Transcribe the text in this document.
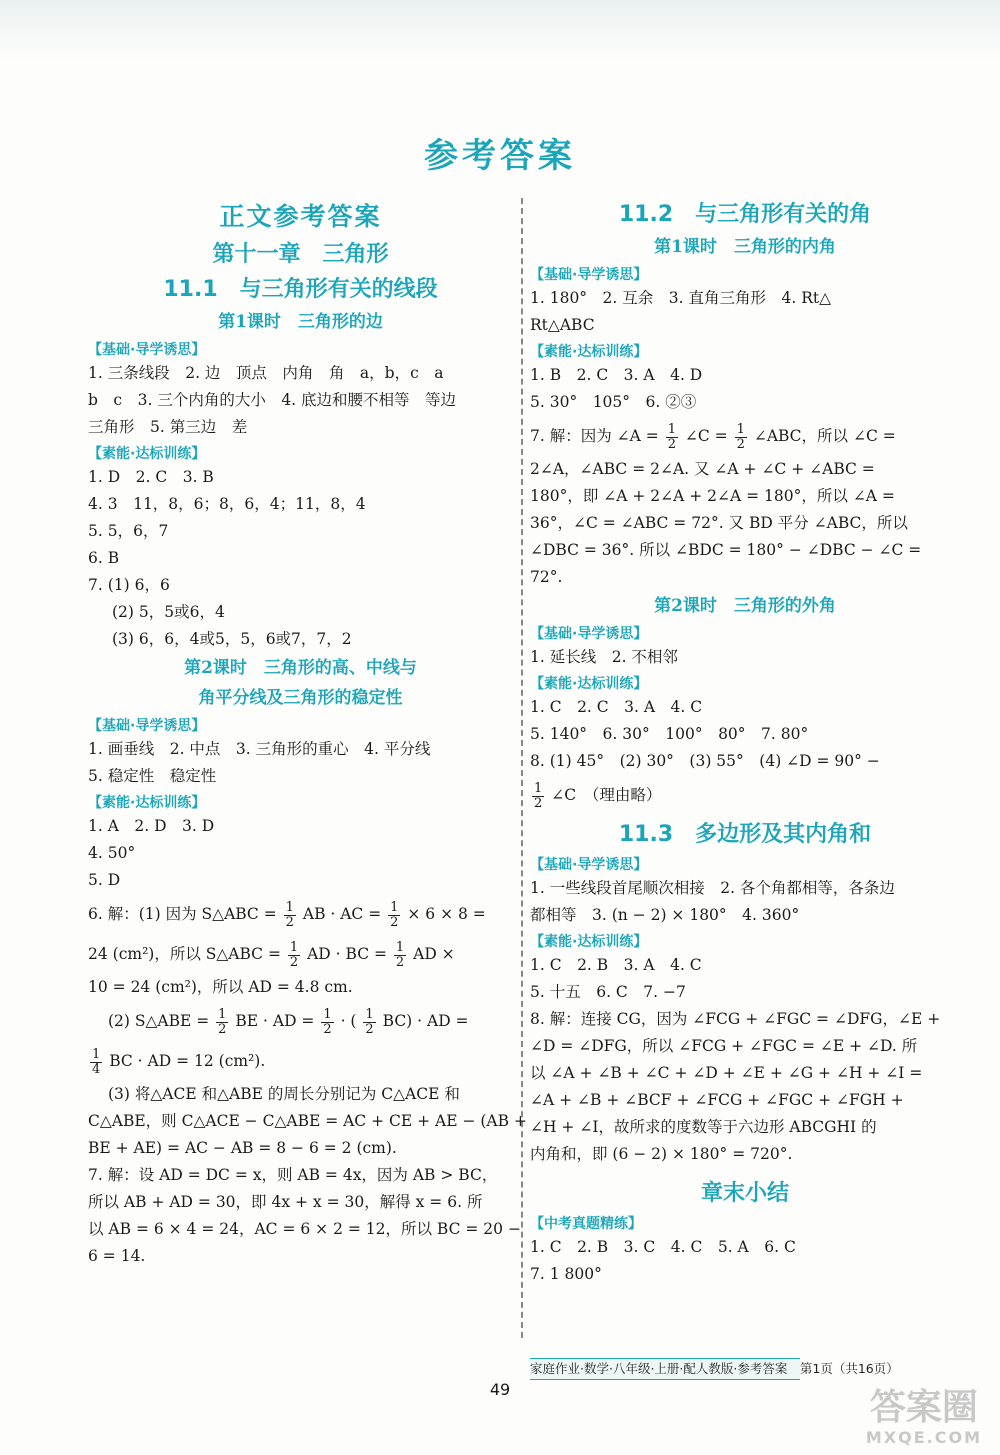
参考答案
正文参考答案
第十一章　三角形
11.1　与三角形有关的线段
第1课时　三角形的边
【基础·导学诱思】
1. 三条线段　2. 边　顶点　内角　角　a，b，c　a
b　c　3. 三个内角的大小　4. 底边和腰不相等　等边
三角形　5. 第三边　差
【素能·达标训练】
1. D　2. C　3. B
4. 3　11，8，6；8，6，4；11，8，4
5. 5，6，7
6. B
7. (1) 6，6
(2) 5，5或6，4
(3) 6，6，4或5，5，6或7，7，2
第2课时　三角形的高、中线与
角平分线及三角形的稳定性
【基础·导学诱思】
1. 画垂线　2. 中点　3. 三角形的重心　4. 平分线
5. 稳定性　稳定性
【素能·达标训练】
1. A　2. D　3. D
4. 50°
5. D
6. 解：(1) 因为 S△ABC = $\frac{1}{2}$ AB · AC = $\frac{1}{2} \times 6 \times 8$ =
24 (cm²)，所以 S△ABC = $\frac{1}{2}$ AD · BC = $\frac{1}{2}$ AD ×
10 = 24 (cm²)，所以 AD = 4.8 cm.
(2) S△ABE = $\frac{1}{2}$ BE · AD = $\frac{1}{2}$ · ( $\frac{1}{2} BC$) · AD =
$\frac{1}{4}$ BC · AD = 12 (cm²).
(3) 将△ACE 和△ABE 的周长分别记为 C△ACE 和
C△ABE，则 C△ACE − C△ABE = AC + CE + AE − (AB +
BE + AE) = AC − AB = 8 − 6 = 2 (cm).
7. 解：设 AD = DC = x，则 AB = 4x，因为 AB > BC，
所以 AB + AD = 30，即 4x + x = 30，解得 x = 6. 所
以 AB = 6 × 4 = 24，AC = 6 × 2 = 12，所以 BC = 20 −
6 = 14.
11.2　与三角形有关的角
第1课时　三角形的内角
【基础·导学诱思】
1. 180°　2. 互余　3. 直角三角形　4. Rt△
Rt△ABC
【素能·达标训练】
1. B　2. C　3. A　4. D
5. 30°　105°　6. ②③
7. 解：因为 ∠A = $\frac{1}{2}$ ∠C = $\frac{1}{2}$ ∠ABC，所以 ∠C =
2∠A，∠ABC = 2∠A. 又 ∠A + ∠C + ∠ABC =
180°，即 ∠A + 2∠A + 2∠A = 180°，所以 ∠A =
36°，∠C = ∠ABC = 72°. 又 BD 平分 ∠ABC，所以
∠DBC = 36°. 所以 ∠BDC = 180° − ∠DBC − ∠C =
72°.
第2课时　三角形的外角
【基础·导学诱思】
1. 延长线　2. 不相邻
【素能·达标训练】
1. C　2. C　3. A　4. C
5. 140°　6. 30°　100°　80°　7. 80°
8. (1) 45°　(2) 30°　(3) 55°　(4) ∠D = 90° −
$\frac{1}{2}$ ∠C　（理由略）
11.3　多边形及其内角和
【基础·导学诱思】
1. 一些线段首尾顺次相接　2. 各个角都相等，各条边
都相等　3. (n − 2) × 180°　4. 360°
【素能·达标训练】
1. C　2. B　3. A　4. C
5. 十五　6. C　7. −7
8. 解：连接 CG，因为 ∠FCG + ∠FGC = ∠DFG，∠E +
∠D = ∠DFG，所以 ∠FCG + ∠FGC = ∠E + ∠D. 所
以 ∠A + ∠B + ∠C + ∠D + ∠E + ∠G + ∠H + ∠I =
∠A + ∠B + ∠BCF + ∠FCG + ∠FGC + ∠FGH +
∠H + ∠I，故所求的度数等于六边形 ABCGHI 的
内角和，即 (6 − 2) × 180° = 720°.
章末小结
【中考真题精练】
1. C　2. B　3. C　4. C　5. A　6. C
7. 1 800°
家庭作业·数学·八年级·上册·配人教版·参考答案　第1页（共16页）
49	答案圈
MXQE.COM
